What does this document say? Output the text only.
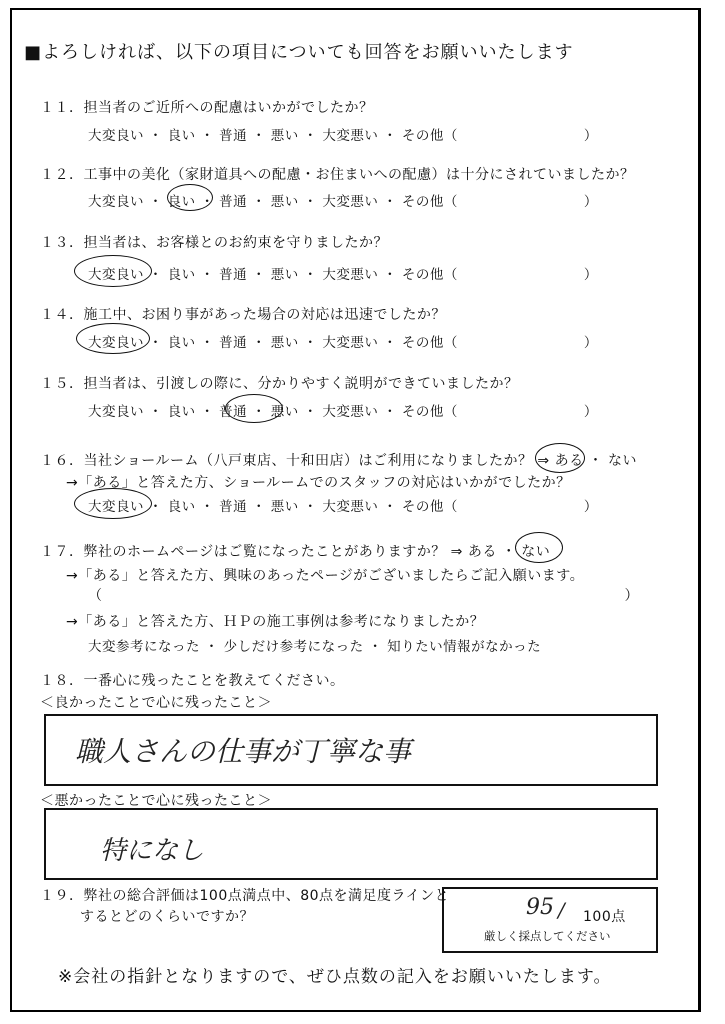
■よろしければ、以下の項目についても回答をお願いいたします
１１．担当者のご近所への配慮はいかがでしたか？
大変良い ・ 良い ・ 普通 ・ 悪い ・ 大変悪い ・ その他（　　　　　　　　　）
１２．工事中の美化（家財道具への配慮・お住まいへの配慮）は十分にされていましたか？
大変良い ・ 良い ・ 普通 ・ 悪い ・ 大変悪い ・ その他（　　　　　　　　　）
１３．担当者は、お客様とのお約束を守りましたか？
大変良い ・ 良い ・ 普通 ・ 悪い ・ 大変悪い ・ その他（　　　　　　　　　）
１４．施工中、お困り事があった場合の対応は迅速でしたか？
大変良い ・ 良い ・ 普通 ・ 悪い ・ 大変悪い ・ その他（　　　　　　　　　）
１５．担当者は、引渡しの際に、分かりやすく説明ができていましたか？
大変良い ・ 良い ・ 普通 ・ 悪い ・ 大変悪い ・ その他（　　　　　　　　　）
１６．当社ショールーム（八戸東店、十和田店）はご利用になりましたか？ ⇒ ある ・ ない
→「ある」と答えた方、ショールームでのスタッフの対応はいかがでしたか？
大変良い ・ 良い ・ 普通 ・ 悪い ・ 大変悪い ・ その他（　　　　　　　　　）
１７．弊社のホームページはご覧になったことがありますか？ ⇒ ある ・ ない
→「ある」と答えた方、興味のあったページがございましたらご記入願います。
（　　　　　　　　　　　　　　　　　　　　　　　　　　　　　　　　　　　　）
→「ある」と答えた方、ＨＰの施工事例は参考になりましたか？
大変参考になった ・ 少しだけ参考になった ・ 知りたい情報がなかった
１８．一番心に残ったことを教えてください。
＜良かったことで心に残ったこと＞
職人さんの仕事が丁寧な事
＜悪かったことで心に残ったこと＞
特になし
１９．弊社の総合評価は100点満点中、80点を満足度ラインと
するとどのくらいですか？	95 / 100点
厳しく採点してください
※会社の指針となりますので、ぜひ点数の記入をお願いいたします。
